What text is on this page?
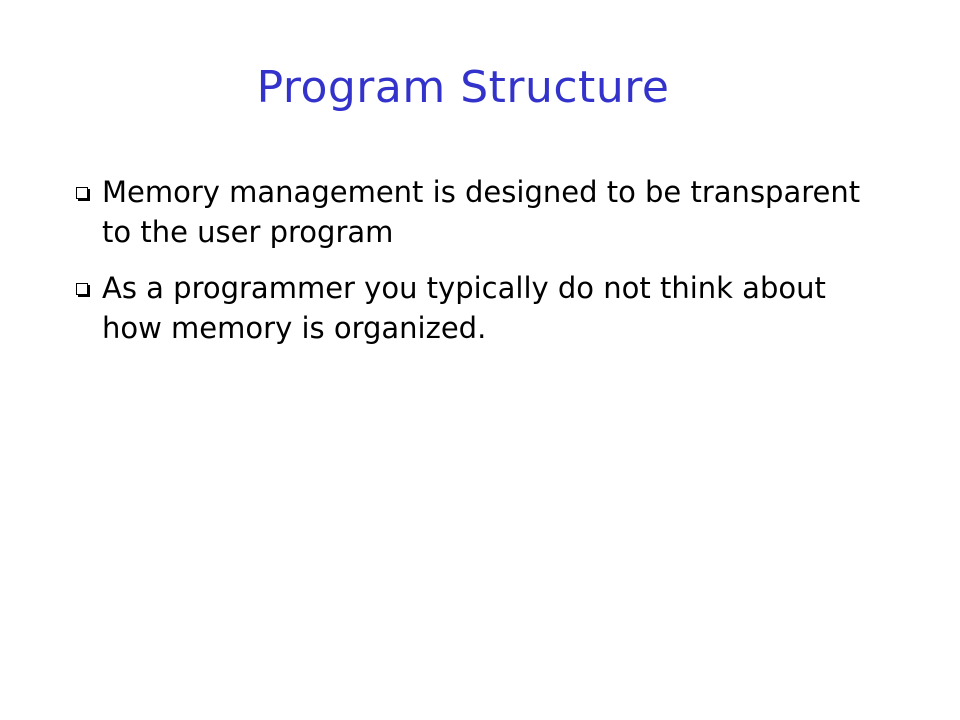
Program Structure
Memory management is designed to be transparent to the user program
As a programmer you typically do not think about how memory is organized.
